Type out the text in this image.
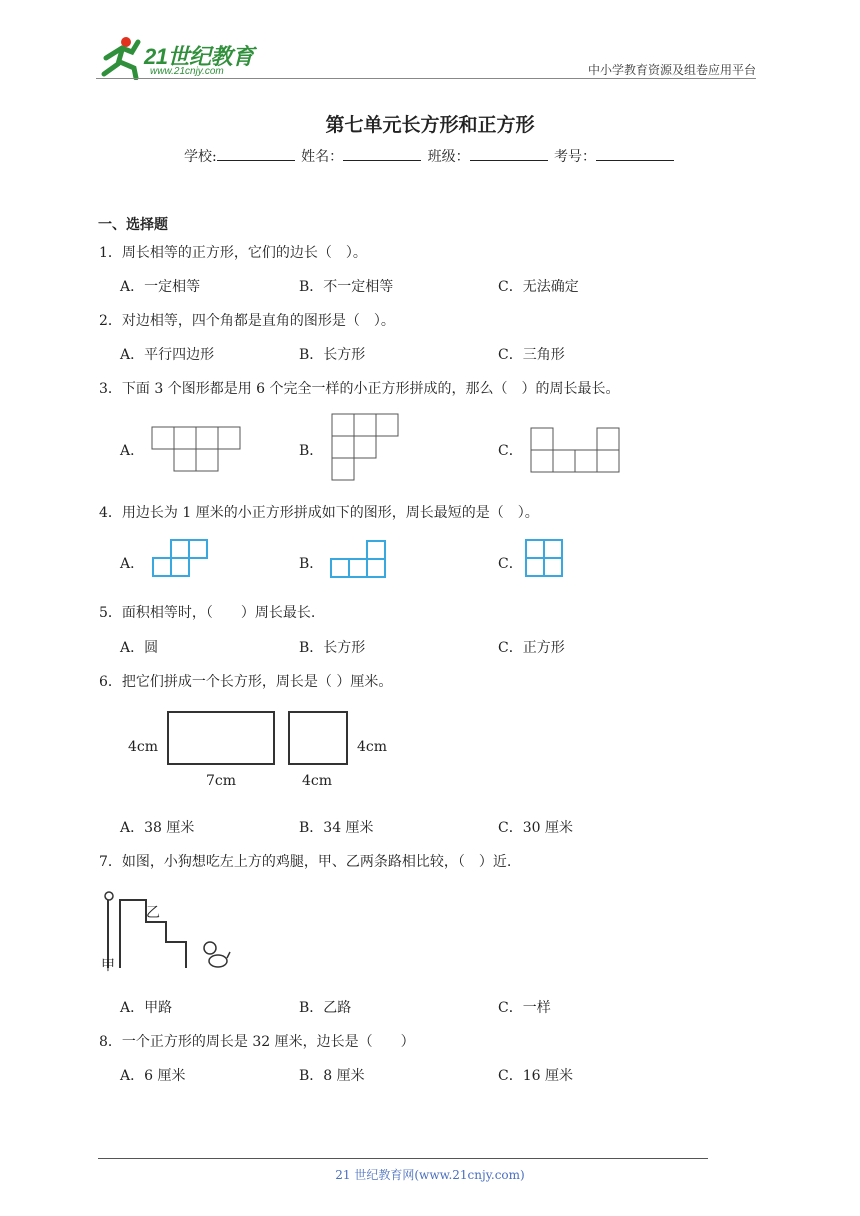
21世纪教育
www.21cnjy.com	中小学教育资源及组卷应用平台
第七单元长方形和正方形
学校:	姓名：	班级：	考号：
一、选择题
1．周长相等的正方形，它们的边长（　）。
A．一定相等	B．不一定相等	C．无法确定
2．对边相等，四个角都是直角的图形是（　）。
A．平行四边形	B．长方形	C．三角形
3．下面 3 个图形都是用 6 个完全一样的小正方形拼成的，那么（　）的周长最长。
A．	B．	C．
4．用边长为 1 厘米的小正方形拼成如下的图形，周长最短的是（　）。
A．	B．	C．
5．面积相等时，（　　）周长最长.
A．圆	B．长方形	C．正方形
6．把它们拼成一个长方形，周长是（ ）厘米。
4cm
7cm
4cm
4cm
A．38 厘米	B．34 厘米	C．30 厘米
7．如图，小狗想吃左上方的鸡腿，甲、乙两条路相比较，（　）近.
乙
甲
A．甲路	B．乙路	C．一样
8．一个正方形的周长是 32 厘米，边长是（　　）
A．6 厘米	B．8 厘米	C．16 厘米
21 世纪教育网(www.21cnjy.com)
